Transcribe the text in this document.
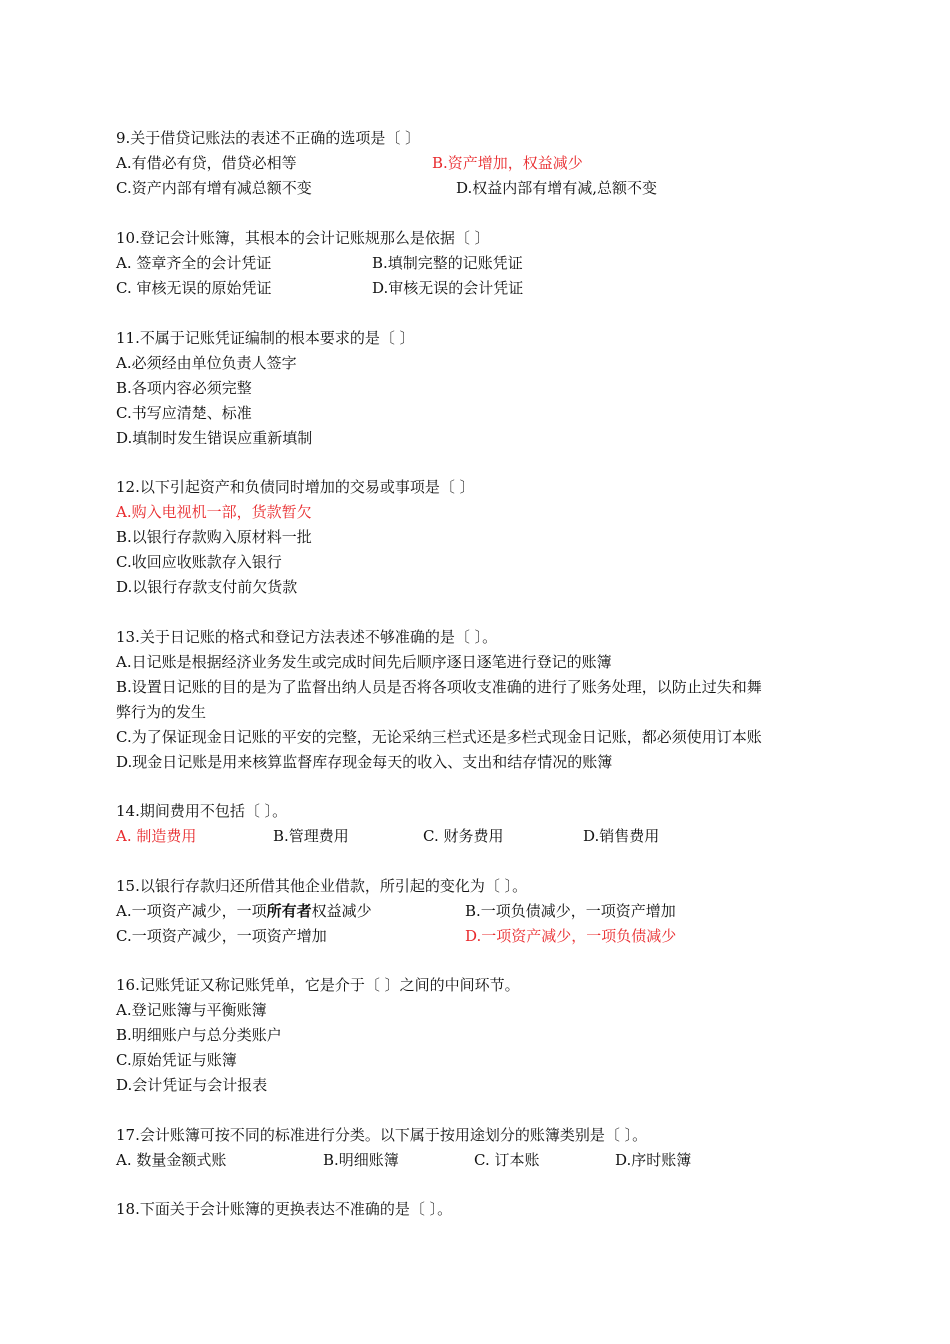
9.关于借贷记账法的表述不正确的选项是〔 〕
A.有借必有贷，借贷必相等	B.资产增加，权益减少
C.资产内部有增有减总额不变	D.权益内部有增有减,总额不变
10.登记会计账簿，其根本的会计记账规那么是依据〔 〕
A. 签章齐全的会计凭证	B.填制完整的记账凭证
C. 审核无误的原始凭证	D.审核无误的会计凭证
11.不属于记账凭证编制的根本要求的是〔 〕
A.必须经由单位负责人签字
B.各项内容必须完整
C.书写应清楚、标准
D.填制时发生错误应重新填制
12.以下引起资产和负债同时增加的交易或事项是〔 〕
A.购入电视机一部，货款暂欠
B.以银行存款购入原材料一批
C.收回应收账款存入银行
D.以银行存款支付前欠货款
13.关于日记账的格式和登记方法表述不够准确的是〔 〕。
A.日记账是根据经济业务发生或完成时间先后顺序逐日逐笔进行登记的账簿
B.设置日记账的目的是为了监督出纳人员是否将各项收支准确的进行了账务处理，以防止过失和舞
弊行为的发生
C.为了保证现金日记账的平安的完整，无论采纳三栏式还是多栏式现金日记账，都必须使用订本账
D.现金日记账是用来核算监督库存现金每天的收入、支出和结存情况的账簿
14.期间费用不包括〔 〕。
A. 制造费用	B.管理费用	C. 财务费用	D.销售费用
15.以银行存款归还所借其他企业借款，所引起的变化为〔 〕。
A.一项资产减少，一项所有者权益减少	B.一项负债减少，一项资产增加
C.一项资产减少，一项资产增加	D.一项资产减少，一项负债减少
16.记账凭证又称记账凭单，它是介于〔 〕之间的中间环节。
A.登记账簿与平衡账簿
B.明细账户与总分类账户
C.原始凭证与账簿
D.会计凭证与会计报表
17.会计账簿可按不同的标准进行分类。以下属于按用途划分的账簿类别是〔 〕。
A. 数量金额式账	B.明细账簿	C. 订本账	D.序时账簿
18.下面关于会计账簿的更换表达不准确的是〔 〕。
